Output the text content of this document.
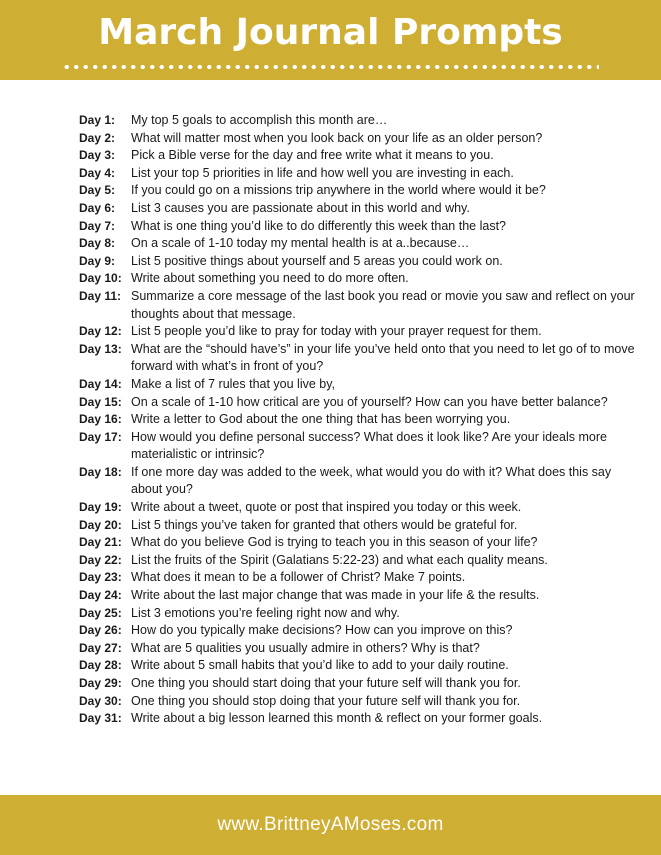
March Journal Prompts
Day 1:	My top 5 goals to accomplish this month are…
Day 2:	What will matter most when you look back on your life as an older person?
Day 3:	Pick a Bible verse for the day and free write what it means to you.
Day 4:	List your top 5 priorities in life and how well you are investing in each.
Day 5:	If you could go on a missions trip anywhere in the world where would it be?
Day 6:	List 3 causes you are passionate about in this world and why.
Day 7:	What is one thing you’d like to do differently this week than the last?
Day 8:	On a scale of 1-10 today my mental health is at a..because…
Day 9:	List 5 positive things about yourself and 5 areas you could work on.
Day 10: Write about something you need to do more often.
Day 11: Summarize a core message of the last book you read or movie you saw and reflect on your thoughts about that message.
Day 12: List 5 people you’d like to pray for today with your prayer request for them.
Day 13: What are the “should have’s” in your life you’ve held onto that you need to let go of to move forward with what’s in front of you?
Day 14: Make a list of 7 rules that you live by,
Day 15: On a scale of 1-10 how critical are you of yourself? How can you have better balance?
Day 16: Write a letter to God about the one thing that has been worrying you.
Day 17: How would you define personal success? What does it look like? Are your ideals more materialistic or intrinsic?
Day 18: If one more day was added to the week, what would you do with it? What does this say about you?
Day 19: Write about a tweet, quote or post that inspired you today or this week.
Day 20: List 5 things you’ve taken for granted that others would be grateful for.
Day 21: What do you believe God is trying to teach you in this season of your life?
Day 22: List the fruits of the Spirit (Galatians 5:22-23) and what each quality means.
Day 23: What does it mean to be a follower of Christ? Make 7 points.
Day 24: Write about the last major change that was made in your life & the results.
Day 25: List 3 emotions you’re feeling right now and why.
Day 26: How do you typically make decisions? How can you improve on this?
Day 27: What are 5 qualities you usually admire in others? Why is that?
Day 28: Write about 5 small habits that you’d like to add to your daily routine.
Day 29: One thing you should start doing that your future self will thank you for.
Day 30: One thing you should stop doing that your future self will thank you for.
Day 31: Write about a big lesson learned this month & reflect on your former goals.
www.BrittneyAMoses.com
